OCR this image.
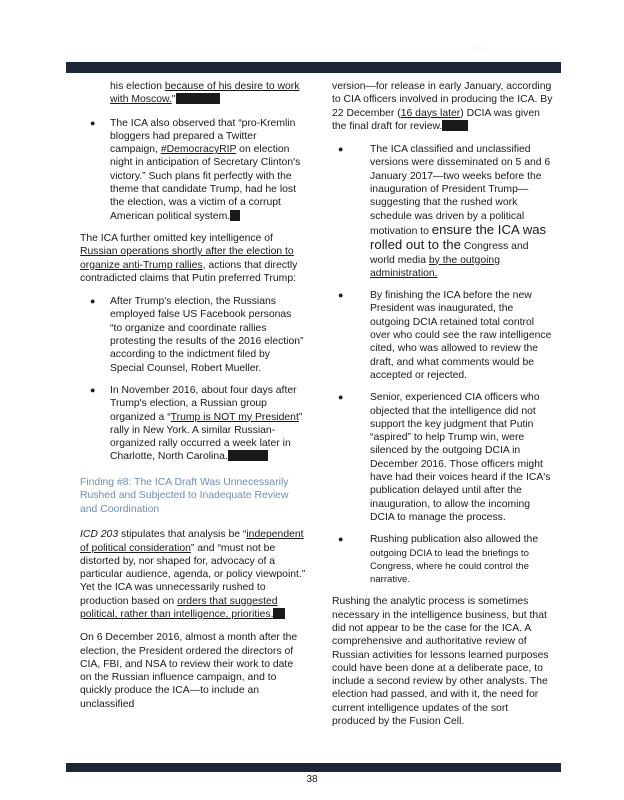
·:·.

his election because of his desire to work with Moscow."

● The ICA also observed that “pro-Kremlin bloggers had prepared a Twitter campaign, #DemocracyRIP on election night in anticipation of Secretary Clinton's victory.” Such plans fit perfectly with the theme that candidate Trump, had he lost the election, was a victim of a corrupt American political system.

The ICA further omitted key intelligence of Russian operations shortly after the election to organize anti-Trump rallies, actions that directly contradicted claims that Putin preferred Trump:

● After Trump's election, the Russians employed false US Facebook personas “to organize and coordinate rallies protesting the results of the 2016 election” according to the indictment filed by Special Counsel, Robert Mueller.
● In November 2016, about four days after Trump's election, a Russian group organized a “Trump is NOT my President” rally in New York. A similar Russian-organized rally occurred a week later in Charlotte, North Carolina.
Finding #8: The ICA Draft Was Unnecessarily Rushed and Subjected to Inadequate Review and Coordination

ICD 203 stipulates that analysis be “independent of political consideration” and “must not be distorted by, nor shaped for, advocacy of a particular audience, agenda, or policy viewpoint.” Yet the ICA was unnecessarily rushed to production based on orders that suggested political, rather than intelligence, priorities.

On 6 December 2016, almost a month after the election, the President ordered the directors of CIA, FBI, and NSA to review their work to date on the Russian influence campaign, and to quickly produce the ICA—to include an unclassified

version—for release in early January, according to CIA officers involved in producing the ICA. By 22 December (16 days later) DCIA was given the final draft for review.

●	The ICA classified and unclassified versions were disseminated on 5 and 6 January 2017—two weeks before the inauguration of President Trump—suggesting that the rushed work schedule was driven by a political motivation to ensure the ICA was rolled out to the Congress and world media by the outgoing administration.
●	By finishing the ICA before the new President was inaugurated, the outgoing DCIA retained total control over who could see the raw intelligence cited, who was allowed to review the draft, and what comments would be accepted or rejected.
●	Senior, experienced CIA officers who objected that the intelligence did not support the key judgment that Putin “aspired” to help Trump win, were silenced by the outgoing DCIA in December 2016. Those officers might have had their voices heard if the ICA's publication delayed until after the inauguration, to allow the incoming DCIA to manage the process.
●	Rushing publication also allowed the outgoing DCIA to lead the briefings to Congress, where he could control the narrative.

Rushing the analytic process is sometimes necessary in the intelligence business, but that did not appear to be the case for the ICA. A comprehensive and authoritative review of Russian activities for lessons learned purposes could have been done at a deliberate pace, to include a second review by other analysts. The election had passed, and with it, the need for current intelligence updates of the sort produced by the Fusion Cell.

38
